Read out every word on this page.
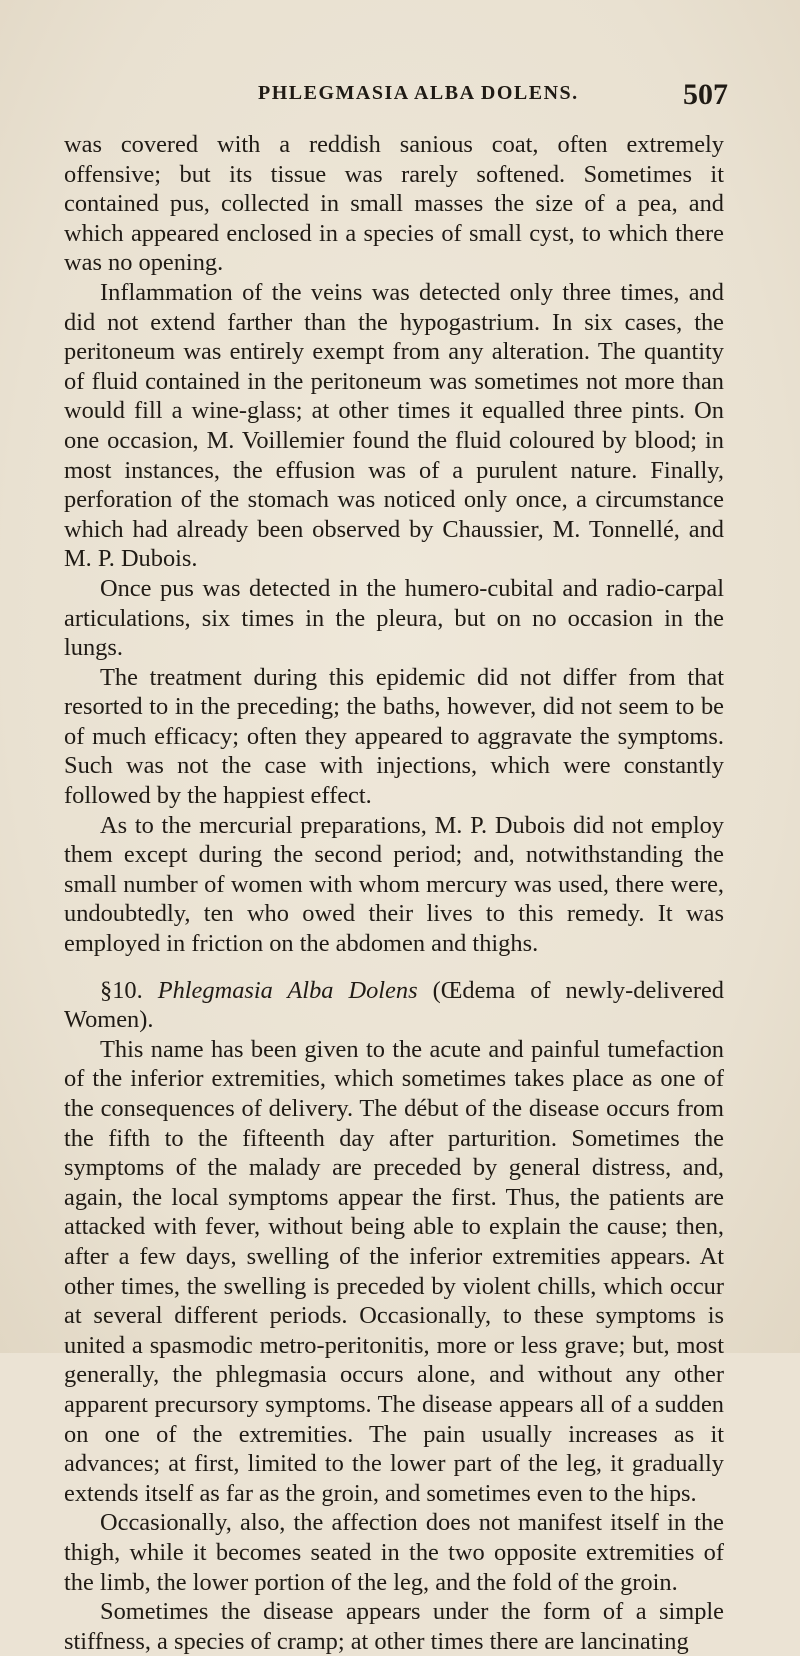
PHLEGMASIA ALBA DOLENS.	507

was covered with a reddish sanious coat, often extremely offensive; but its tissue was rarely softened. Sometimes it contained pus, collected in small masses the size of a pea, and which appeared enclosed in a species of small cyst, to which there was no opening.

Inflammation of the veins was detected only three times, and did not extend farther than the hypogastrium. In six cases, the peritoneum was entirely exempt from any alteration. The quantity of fluid contained in the peritoneum was sometimes not more than would fill a wine-glass; at other times it equalled three pints. On one occasion, M. Voillemier found the fluid coloured by blood; in most instances, the effusion was of a purulent nature. Finally, perforation of the stomach was noticed only once, a circumstance which had already been observed by Chaussier, M. Tonnellé, and M. P. Dubois.

Once pus was detected in the humero-cubital and radio-carpal articulations, six times in the pleura, but on no occasion in the lungs.

The treatment during this epidemic did not differ from that resorted to in the preceding; the baths, however, did not seem to be of much efficacy; often they appeared to aggravate the symptoms. Such was not the case with injections, which were constantly followed by the happiest effect.

As to the mercurial preparations, M. P. Dubois did not employ them except during the second period; and, notwithstanding the small number of women with whom mercury was used, there were, undoubtedly, ten who owed their lives to this remedy. It was employed in friction on the abdomen and thighs.

§10. Phlegmasia Alba Dolens (Œdema of newly-delivered Women).

This name has been given to the acute and painful tumefaction of the inferior extremities, which sometimes takes place as one of the consequences of delivery. The début of the disease occurs from the fifth to the fifteenth day after parturition. Sometimes the symptoms of the malady are preceded by general distress, and, again, the local symptoms appear the first. Thus, the patients are attacked with fever, without being able to explain the cause; then, after a few days, swelling of the inferior extremities appears. At other times, the swelling is preceded by violent chills, which occur at several different periods. Occasionally, to these symptoms is united a spasmodic metro-peritonitis, more or less grave; but, most generally, the phlegmasia occurs alone, and without any other apparent precursory symptoms. The disease appears all of a sudden on one of the extremities. The pain usually increases as it advances; at first, limited to the lower part of the leg, it gradually extends itself as far as the groin, and sometimes even to the hips.

Occasionally, also, the affection does not manifest itself in the thigh, while it becomes seated in the two opposite extremities of the limb, the lower portion of the leg, and the fold of the groin.

Sometimes the disease appears under the form of a simple stiffness, a species of cramp; at other times there are lancinating
